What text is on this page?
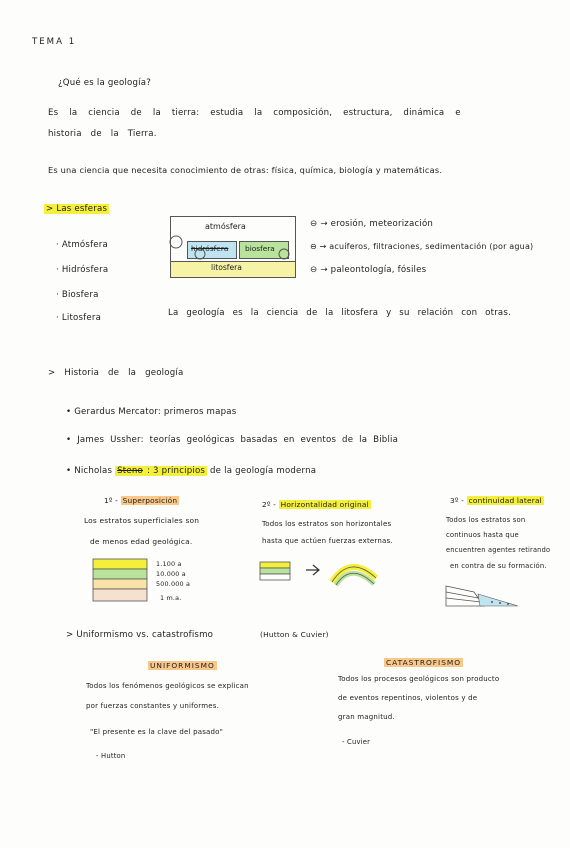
TEMA 1
¿Qué es la geología?
Es la ciencia de la tierra: estudia la composición, estructura, dinámica e
historia de la Tierra.
Es una ciencia que necesita conocimiento de otras: física, química, biología y matemáticas.
> Las esferas
· Atmósfera
· Hidrósfera
· Biosfera
· Litosfera
atmósfera
hidrósfera biosfera
litosfera
⊖ → erosión, meteorización
⊖ → acuíferos, filtraciones, sedimentación (por agua)
⊖ → paleontología, fósiles
La geología es la ciencia de la litosfera y su relación con otras.
> Historia de la geología
• Gerardus Mercator: primeros mapas
• James Ussher: teorías geológicas basadas en eventos de la Biblia
• Nicholas Steno : 3 principios de la geología moderna
1º - Superposición
Los estratos superficiales son
de menos edad geológica.
1.100 a
10.000 a
500.000 a
1 m.a.
2º - Horizontalidad original
Todos los estratos son horizontales
hasta que actúen fuerzas externas.
3º - continuidad lateral
Todos los estratos son
continuos hasta que
encuentren agentes retirando
en contra de su formación.
> Uniformismo vs. catastrofismo	(Hutton & Cuvier)
UNIFORMISMO
Todos los fenómenos geológicos se explican
por fuerzas constantes y uniformes.
"El presente es la clave del pasado"
- Hutton
CATASTROFISMO
Todos los procesos geológicos son producto
de eventos repentinos, violentos y de
gran magnitud.
- Cuvier
